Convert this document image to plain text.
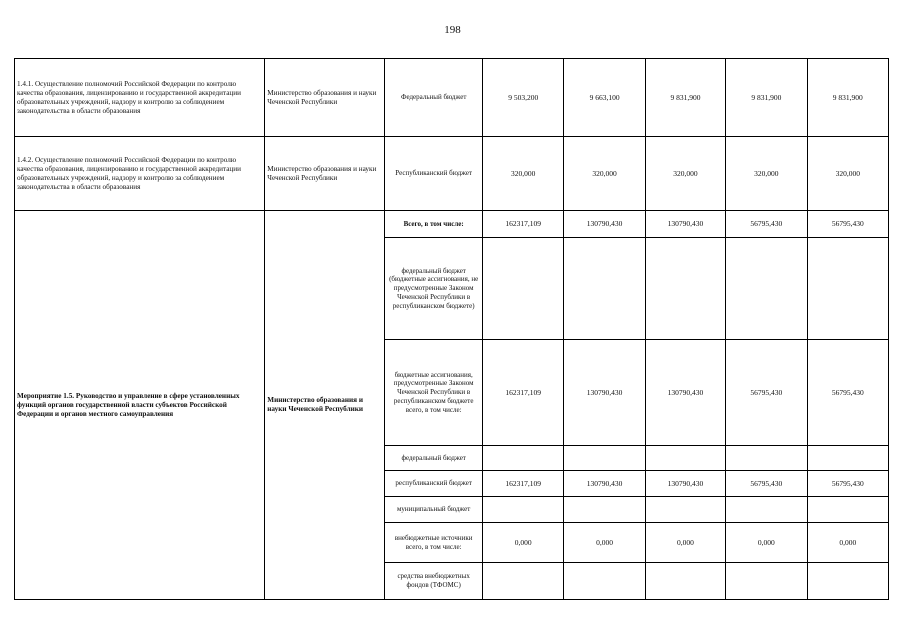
198
1.4.1. Осуществление полномочий Российской Федерации по контролю качества образования, лицензированию и государственной аккредитации образовательных учреждений, надзору и контролю за соблюдением законодательства в области образования	Министерство образования и науки Чеченской Республики	Федеральный бюджет	9 503,200	9 663,100	9 831,900	9 831,900	9 831,900
1.4.2. Осуществление полномочий Российской Федерации по контролю качества образования, лицензированию и государственной аккредитации образовательных учреждений, надзору и контролю за соблюдением законодательства в области образования	Министерство образования и науки Чеченской Республики	Республиканский бюджет	320,000	320,000	320,000	320,000	320,000
Мероприятие 1.5. Руководство и управление в сфере установленных функций органов государственной власти субъектов Российской Федерации и органов местного самоуправления	Министерство образования и науки Чеченской Республики	Всего, в том числе:	162317,109	130790,430	130790,430	56795,430	56795,430
		федеральный бюджет (бюджетные ассигнования, не предусмотренные Законом Чеченской Республики в республиканском бюджете)					
		бюджетные ассигнования, предусмотренные Законом Чеченской Республики в республиканском бюджете всего, в том числе:	162317,109	130790,430	130790,430	56795,430	56795,430
		федеральный бюджет					
		республиканский бюджет	162317,109	130790,430	130790,430	56795,430	56795,430
		муниципальный бюджет					
		внебюджетные источники всего, в том числе:	0,000	0,000	0,000	0,000	0,000
		средства внебюджетных фондов (ТФОМС)					
